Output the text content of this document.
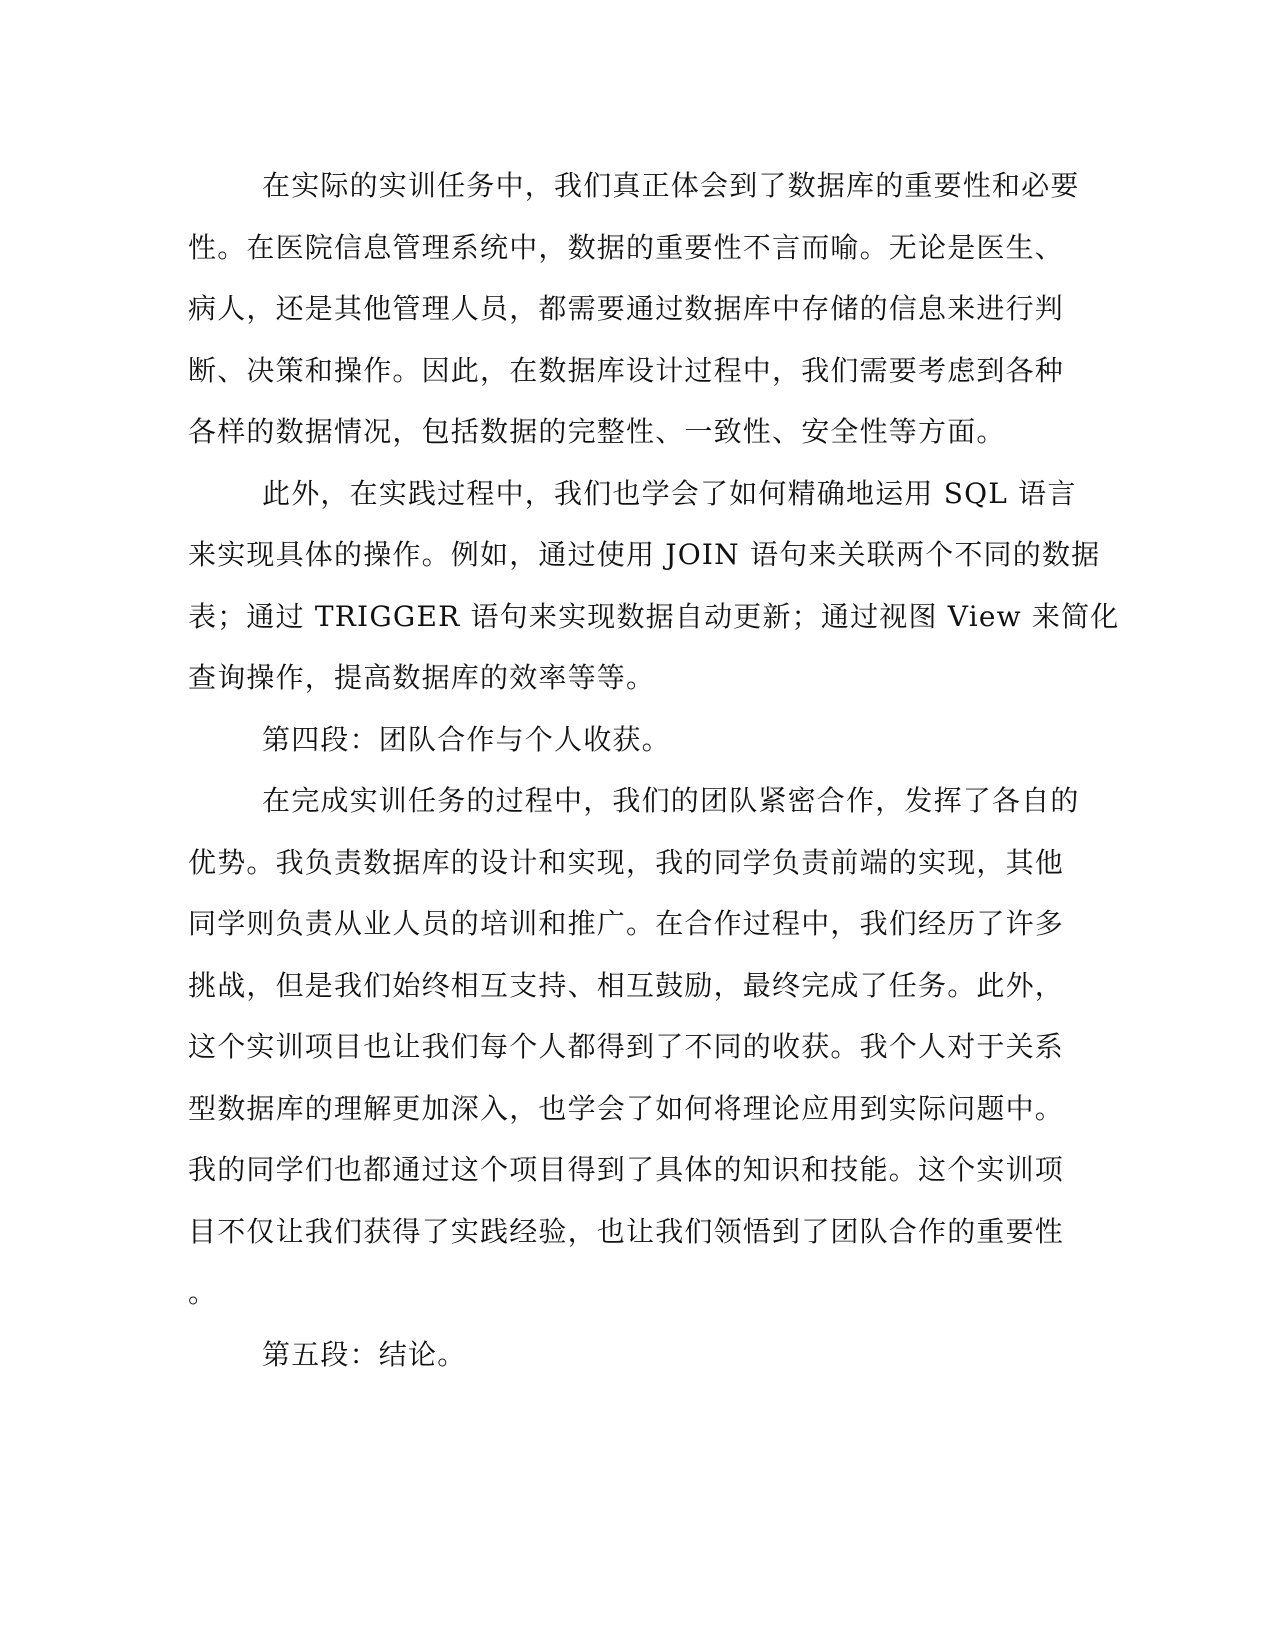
在实际的实训任务中，我们真正体会到了数据库的重要性和必要
性。在医院信息管理系统中，数据的重要性不言而喻。无论是医生、
病人，还是其他管理人员，都需要通过数据库中存储的信息来进行判
断、决策和操作。因此，在数据库设计过程中，我们需要考虑到各种
各样的数据情况，包括数据的完整性、一致性、安全性等方面。
此外，在实践过程中，我们也学会了如何精确地运用 SQL 语言
来实现具体的操作。例如，通过使用 JOIN 语句来关联两个不同的数据
表；通过 TRIGGER 语句来实现数据自动更新；通过视图 View 来简化
查询操作，提高数据库的效率等等。
第四段：团队合作与个人收获。
在完成实训任务的过程中，我们的团队紧密合作，发挥了各自的
优势。我负责数据库的设计和实现，我的同学负责前端的实现，其他
同学则负责从业人员的培训和推广。在合作过程中，我们经历了许多
挑战，但是我们始终相互支持、相互鼓励，最终完成了任务。此外，
这个实训项目也让我们每个人都得到了不同的收获。我个人对于关系
型数据库的理解更加深入，也学会了如何将理论应用到实际问题中。
我的同学们也都通过这个项目得到了具体的知识和技能。这个实训项
目不仅让我们获得了实践经验，也让我们领悟到了团队合作的重要性
。
第五段：结论。
